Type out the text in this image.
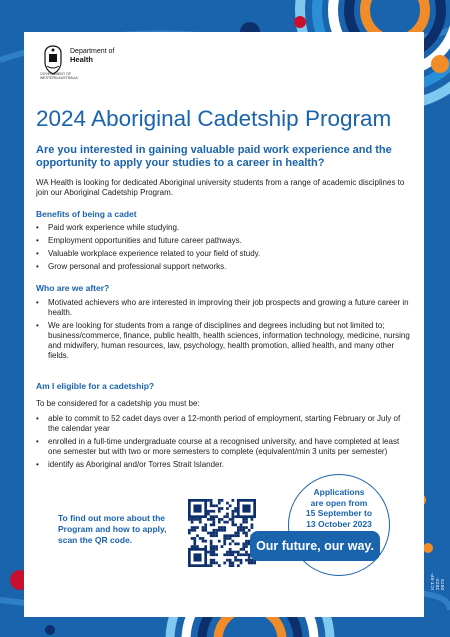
Department of
Health
GOVERNMENT OF
WESTERN AUSTRALIA
2024 Aboriginal Cadetship Program

Are you interested in gaining valuable paid work experience and the opportunity to apply your studies to a career in health?

WA Health is looking for dedicated Aboriginal university students from a range of academic disciplines to join our Aboriginal Cadetship Program.

Benefits of being a cadet

• Paid work experience while studying.
• Employment opportunities and future career pathways.
• Valuable workplace experience related to your field of study.
• Grow personal and professional support networks.

Who are we after?

• Motivated achievers who are interested in improving their job prospects and growing a future career in health.
• We are looking for students from a range of disciplines and degrees including but not limited to; business/commerce, finance, public health, health sciences, information technology, medicine, nursing and midwifery, human resources, law, psychology, health promotion, allied health, and many other fields.

Am I eligible for a cadetship?

To be considered for a cadetship you must be:

• able to commit to 52 cadet days over a 12-month period of employment, starting February or July of the calendar year
• enrolled in a full-time undergraduate course at a recognised university, and have completed at least one semester but with two or more semesters to complete (equivalent/min 3 units per semester)
• identify as Aboriginal and/or Torres Strait Islander.
To find out more about the Program and how to apply, scan the QR code.
Applications
are open from
15 September to
13 October 2023
Our future, our way.
ICT-EP-2023-0079
